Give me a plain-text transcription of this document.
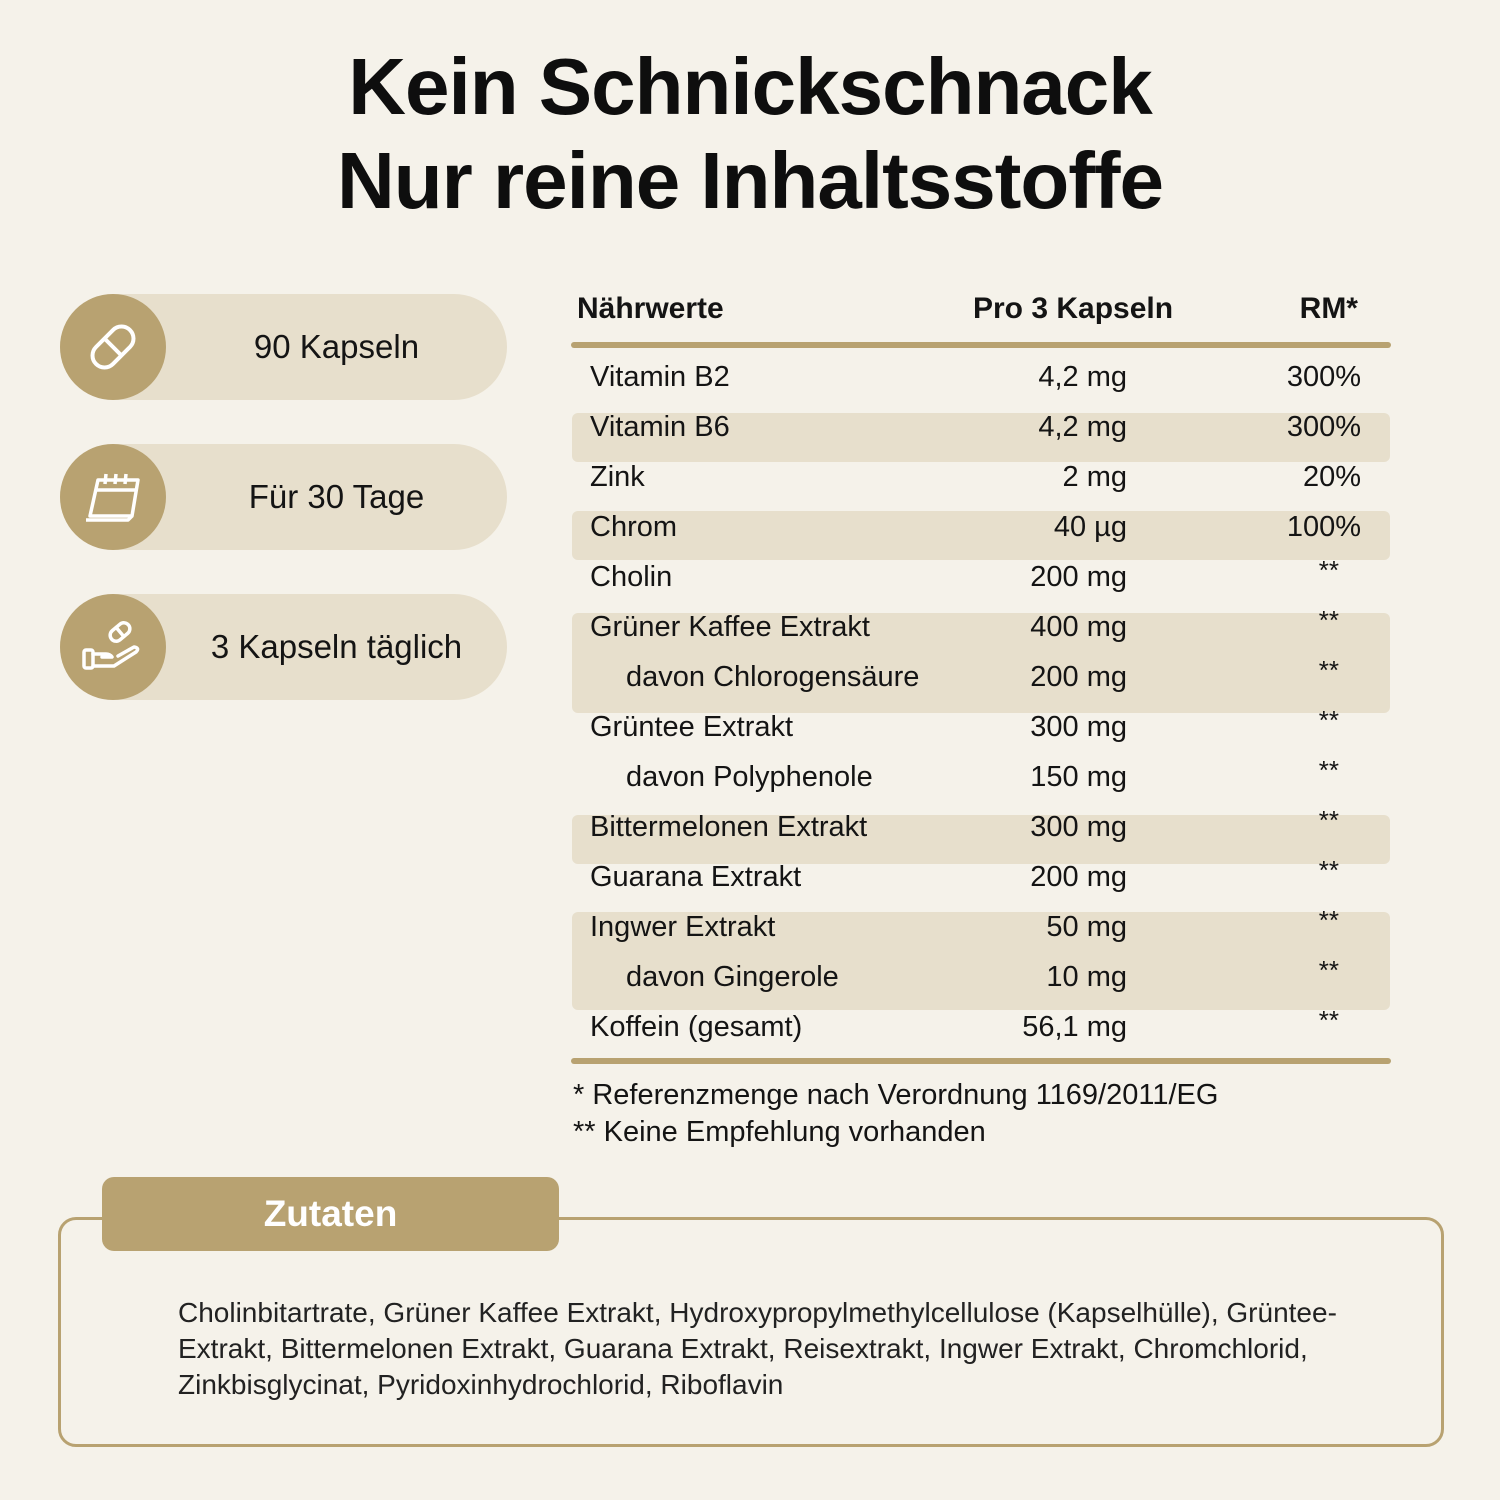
Kein Schnickschnack
Nur reine Inhaltsstoffe
90 Kapseln
Für 30 Tage
3 Kapseln täglich
Nährwerte	Pro 3 Kapseln	RM*
Vitamin B2	4,2 mg	300%
Vitamin B6	4,2 mg	300%
Zink	2 mg	20%
Chrom	40 µg	100%
Cholin	200 mg	**
Grüner Kaffee Extrakt	400 mg	**
davon Chlorogensäure	200 mg	**
Grüntee Extrakt	300 mg	**
davon Polyphenole	150 mg	**
Bittermelonen Extrakt	300 mg	**
Guarana Extrakt	200 mg	**
Ingwer Extrakt	50 mg	**
davon Gingerole	10 mg	**
Koffein (gesamt)	56,1 mg	**
* Referenzmenge nach Verordnung 1169/2011/EG
** Keine Empfehlung vorhanden
Zutaten
Cholinbitartrate, Grüner Kaffee Extrakt, Hydroxypropylmethylcellulose (Kapselhülle), Grüntee-Extrakt, Bittermelonen Extrakt, Guarana Extrakt, Reisextrakt, Ingwer Extrakt, Chromchlorid, Zinkbisglycinat, Pyridoxinhydrochlorid, Riboflavin
